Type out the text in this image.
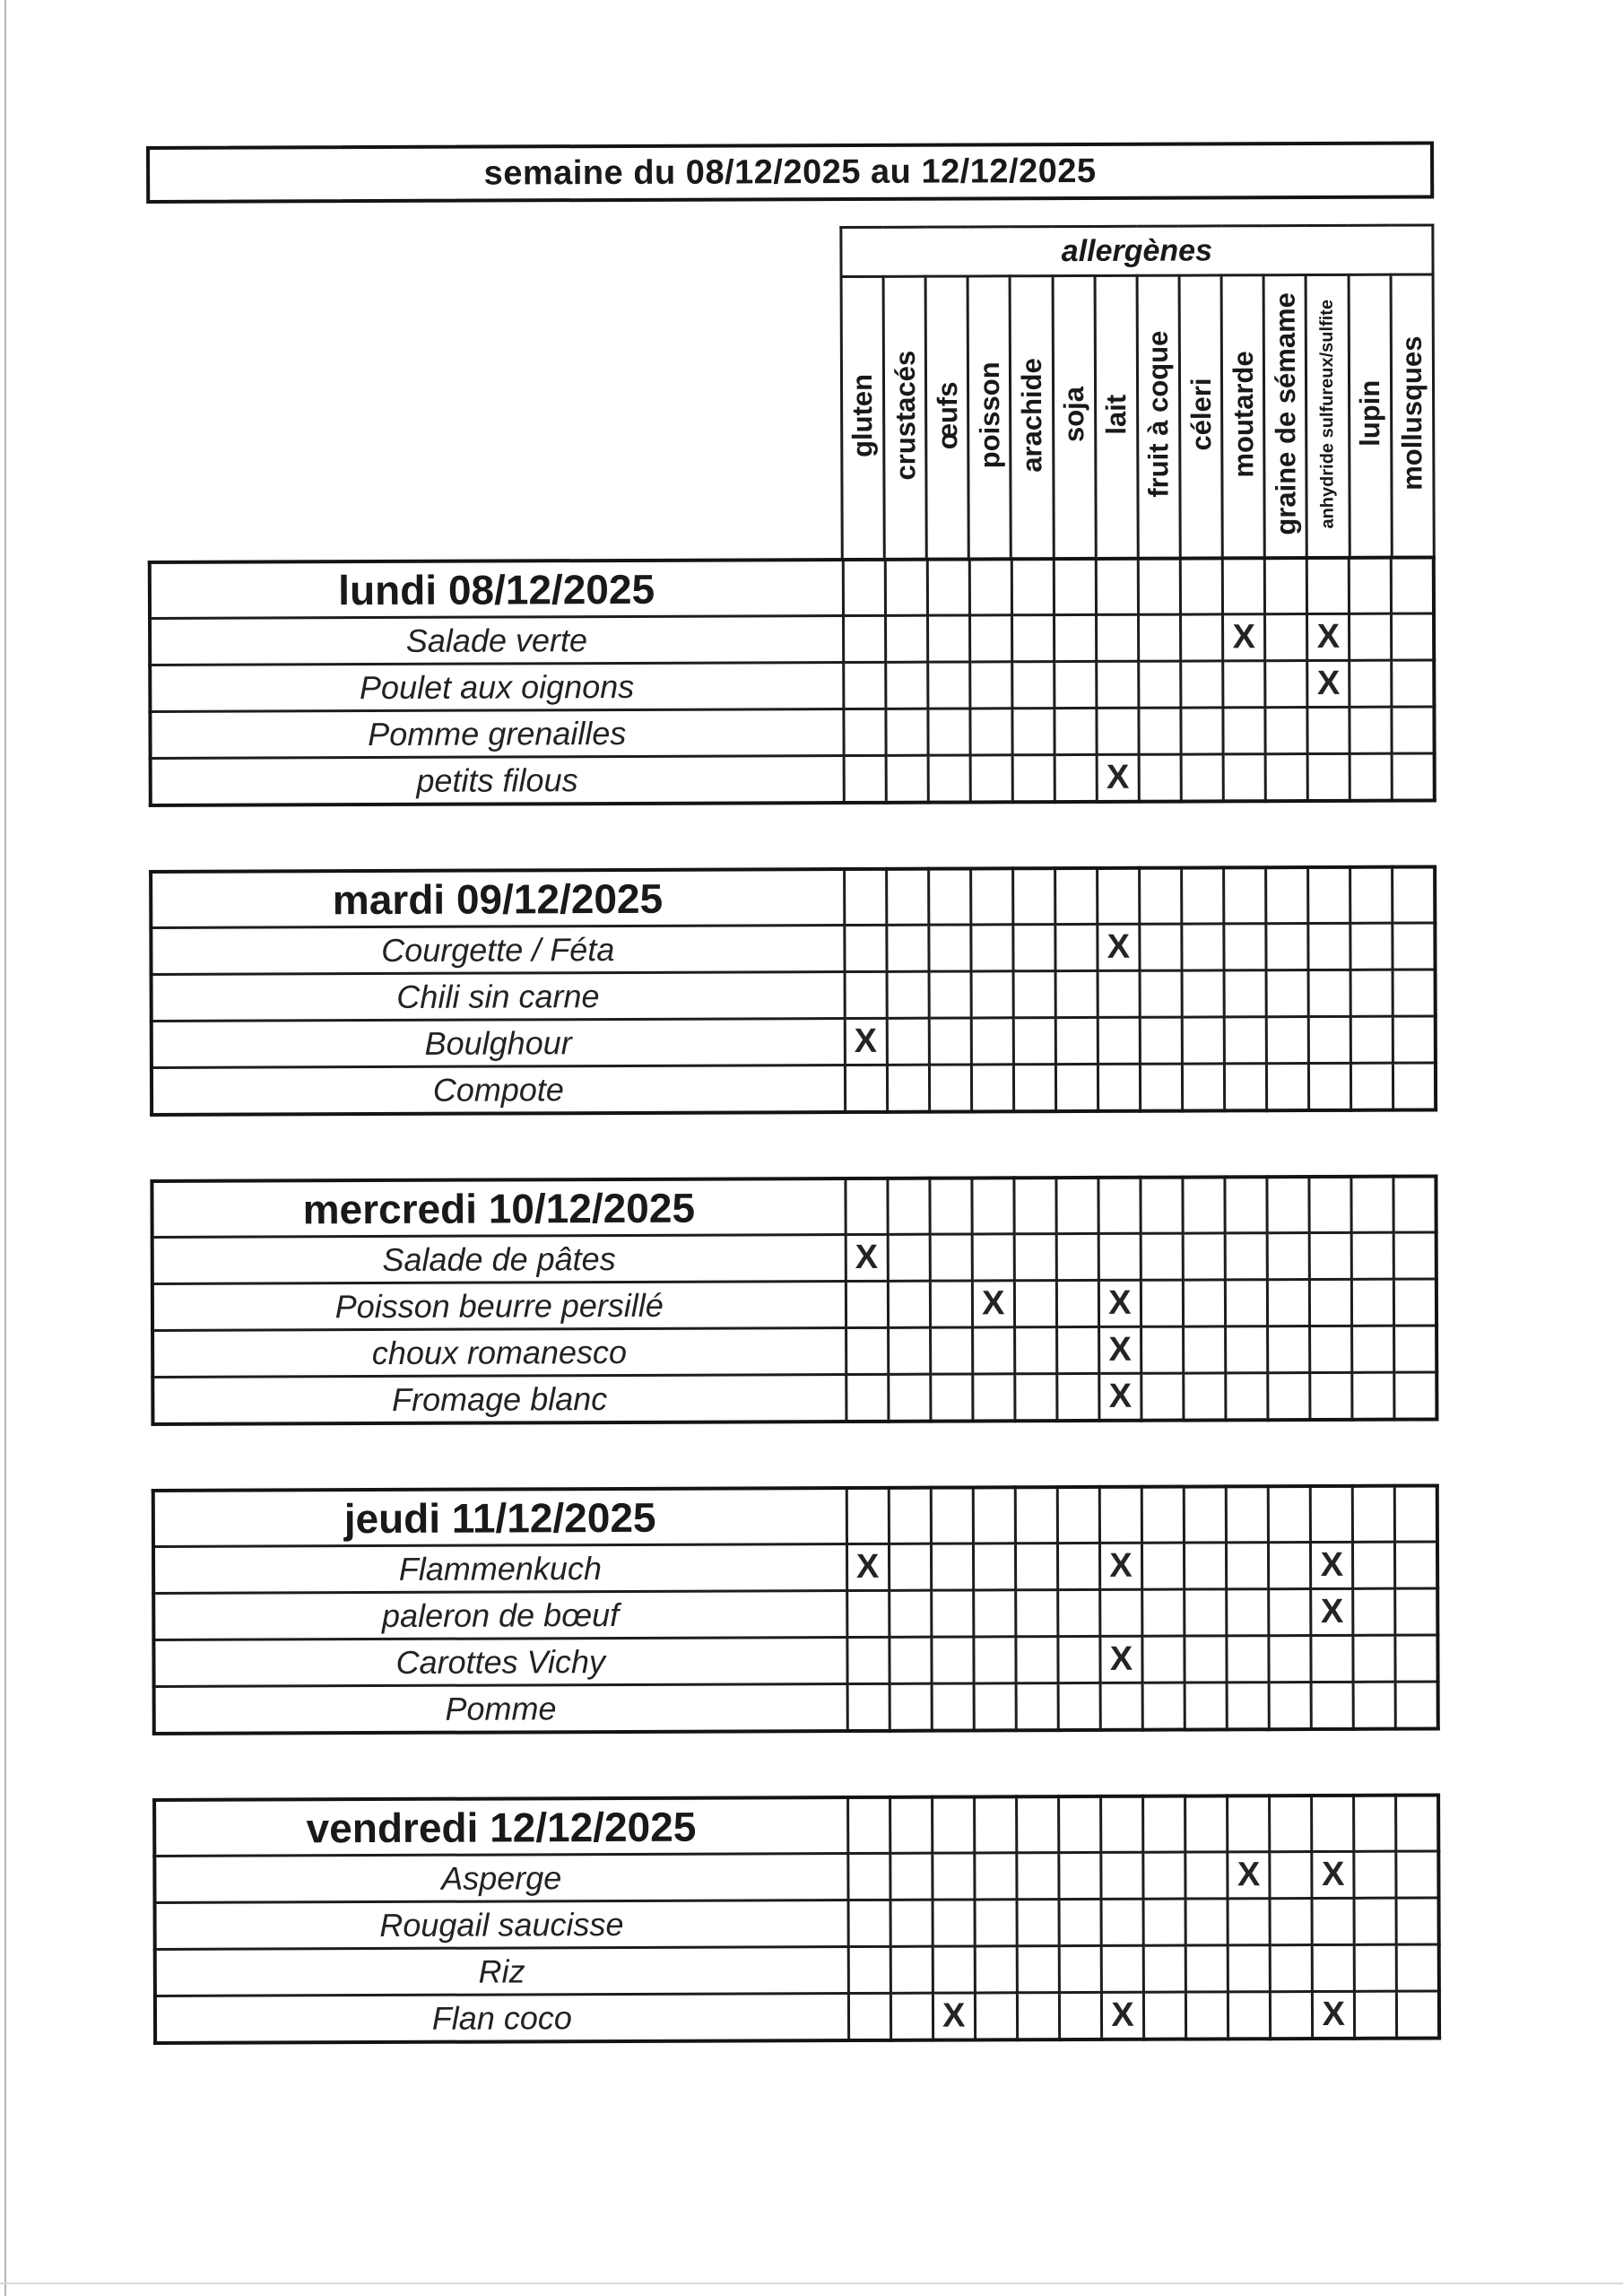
semaine du 08/12/2025 au 12/12/2025
	allergènes													
	gluten	crustacés	œufs	poisson	arachide	soja	lait	fruit à coque	céleri	moutarde	graine de sémame	anhydride sulfureux/sulfite	lupin	mollusques
lundi 08/12/2025														
Salade verte										X		X		
Poulet aux oignons												X		
Pomme grenailles														
petits filous							X							
mardi 09/12/2025														
Courgette / Féta							X							
Chili sin carne														
Boulghour	X													
Compote														
mercredi 10/12/2025														
Salade de pâtes	X													
Poisson beurre persillé				X			X							
choux romanesco							X							
Fromage blanc							X							
jeudi 11/12/2025														
Flammenkuch	X						X					X		
paleron de bœuf												X		
Carottes Vichy							X							
Pomme														
vendredi 12/12/2025														
Asperge										X		X		
Rougail saucisse														
Riz														
Flan coco			X				X					X		
